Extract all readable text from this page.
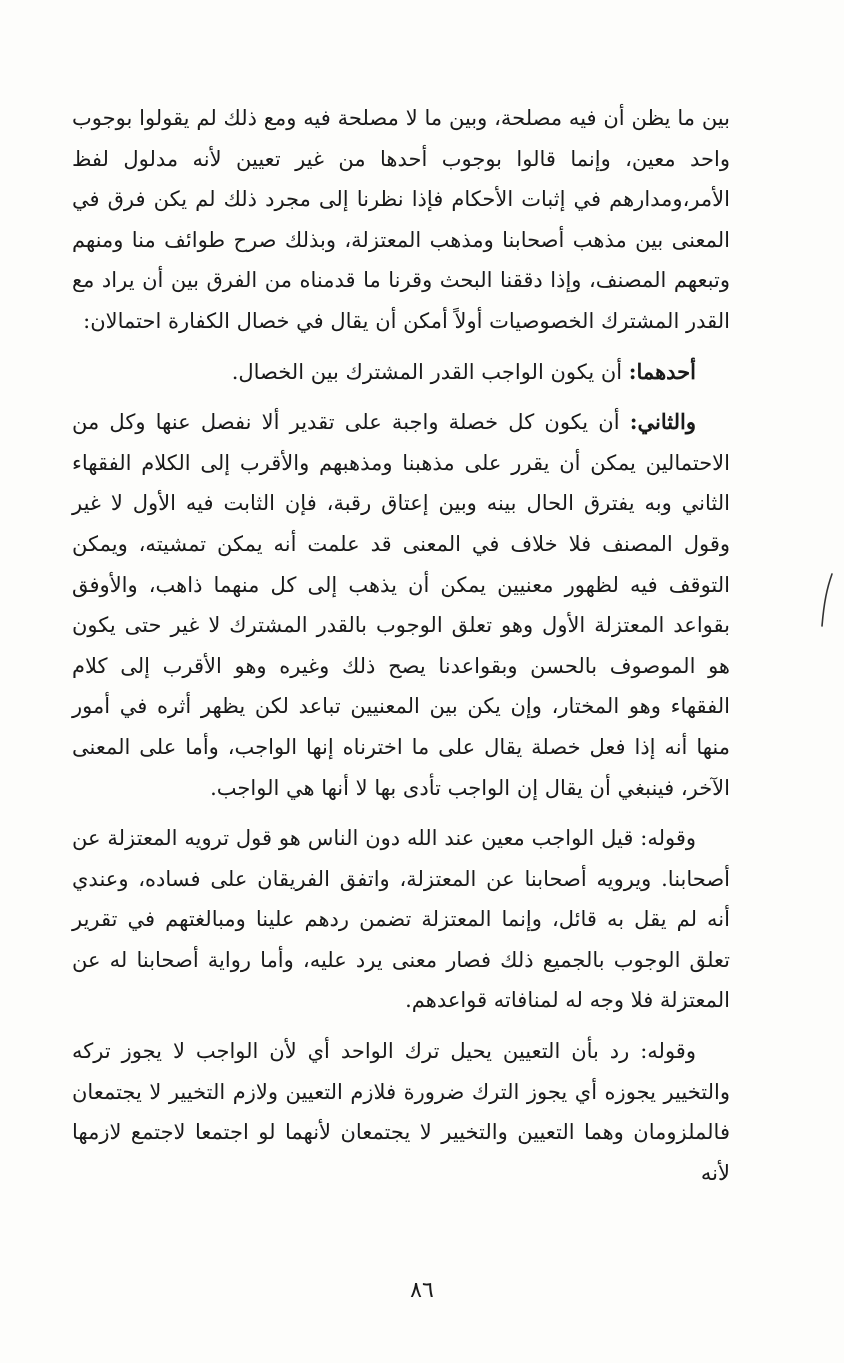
بين ما يظن أن فيه مصلحة، وبين ما لا مصلحة فيه ومع ذلك لم يقولوا بوجوب واحد معين، وإنما قالوا بوجوب أحدها من غير تعيين لأنه مدلول لفظ الأمر،ومدارهم في إثبات الأحكام فإذا نظرنا إلى مجرد ذلك لم يكن فرق في المعنى بين مذهب أصحابنا ومذهب المعتزلة، وبذلك صرح طوائف منا ومنهم وتبعهم المصنف، وإذا دققنا البحث وقرنا ما قدمناه من الفرق بين أن يراد مع القدر المشترك الخصوصيات أولاً أمكن أن يقال في خصال الكفارة احتمالان:

أحدهما: أن يكون الواجب القدر المشترك بين الخصال.

والثاني: أن يكون كل خصلة واجبة على تقدير ألا نفصل عنها وكل من الاحتمالين يمكن أن يقرر على مذهبنا ومذهبهم والأقرب إلى الكلام الفقهاء الثاني وبه يفترق الحال بينه وبين إعتاق رقبة، فإن الثابت فيه الأول لا غير وقول المصنف فلا خلاف في المعنى قد علمت أنه يمكن تمشيته، ويمكن التوقف فيه لظهور معنيين يمكن أن يذهب إلى كل منهما ذاهب، والأوفق بقواعد المعتزلة الأول وهو تعلق الوجوب بالقدر المشترك لا غير حتى يكون هو الموصوف بالحسن وبقواعدنا يصح ذلك وغيره وهو الأقرب إلى كلام الفقهاء وهو المختار، وإن يكن بين المعنيين تباعد لكن يظهر أثره في أمور منها أنه إذا فعل خصلة يقال على ما اخترناه إنها الواجب، وأما على المعنى الآخر، فينبغي أن يقال إن الواجب تأدى بها لا أنها هي الواجب.

وقوله: قيل الواجب معين عند الله دون الناس هو قول ترويه المعتزلة عن أصحابنا. ويرويه أصحابنا عن المعتزلة، واتفق الفريقان على فساده، وعندي أنه لم يقل به قائل، وإنما المعتزلة تضمن ردهم علينا ومبالغتهم في تقرير تعلق الوجوب بالجميع ذلك فصار معنى يرد عليه، وأما رواية أصحابنا له عن المعتزلة فلا وجه له لمنافاته قواعدهم.

وقوله: رد بأن التعيين يحيل ترك الواحد أي لأن الواجب لا يجوز تركه والتخيير يجوزه أي يجوز الترك ضرورة فلازم التعيين ولازم التخيير لا يجتمعان فالملزومان وهما التعيين والتخيير لا يجتمعان لأنهما لو اجتمعا لاجتمع لازمها لأنه

٨٦
